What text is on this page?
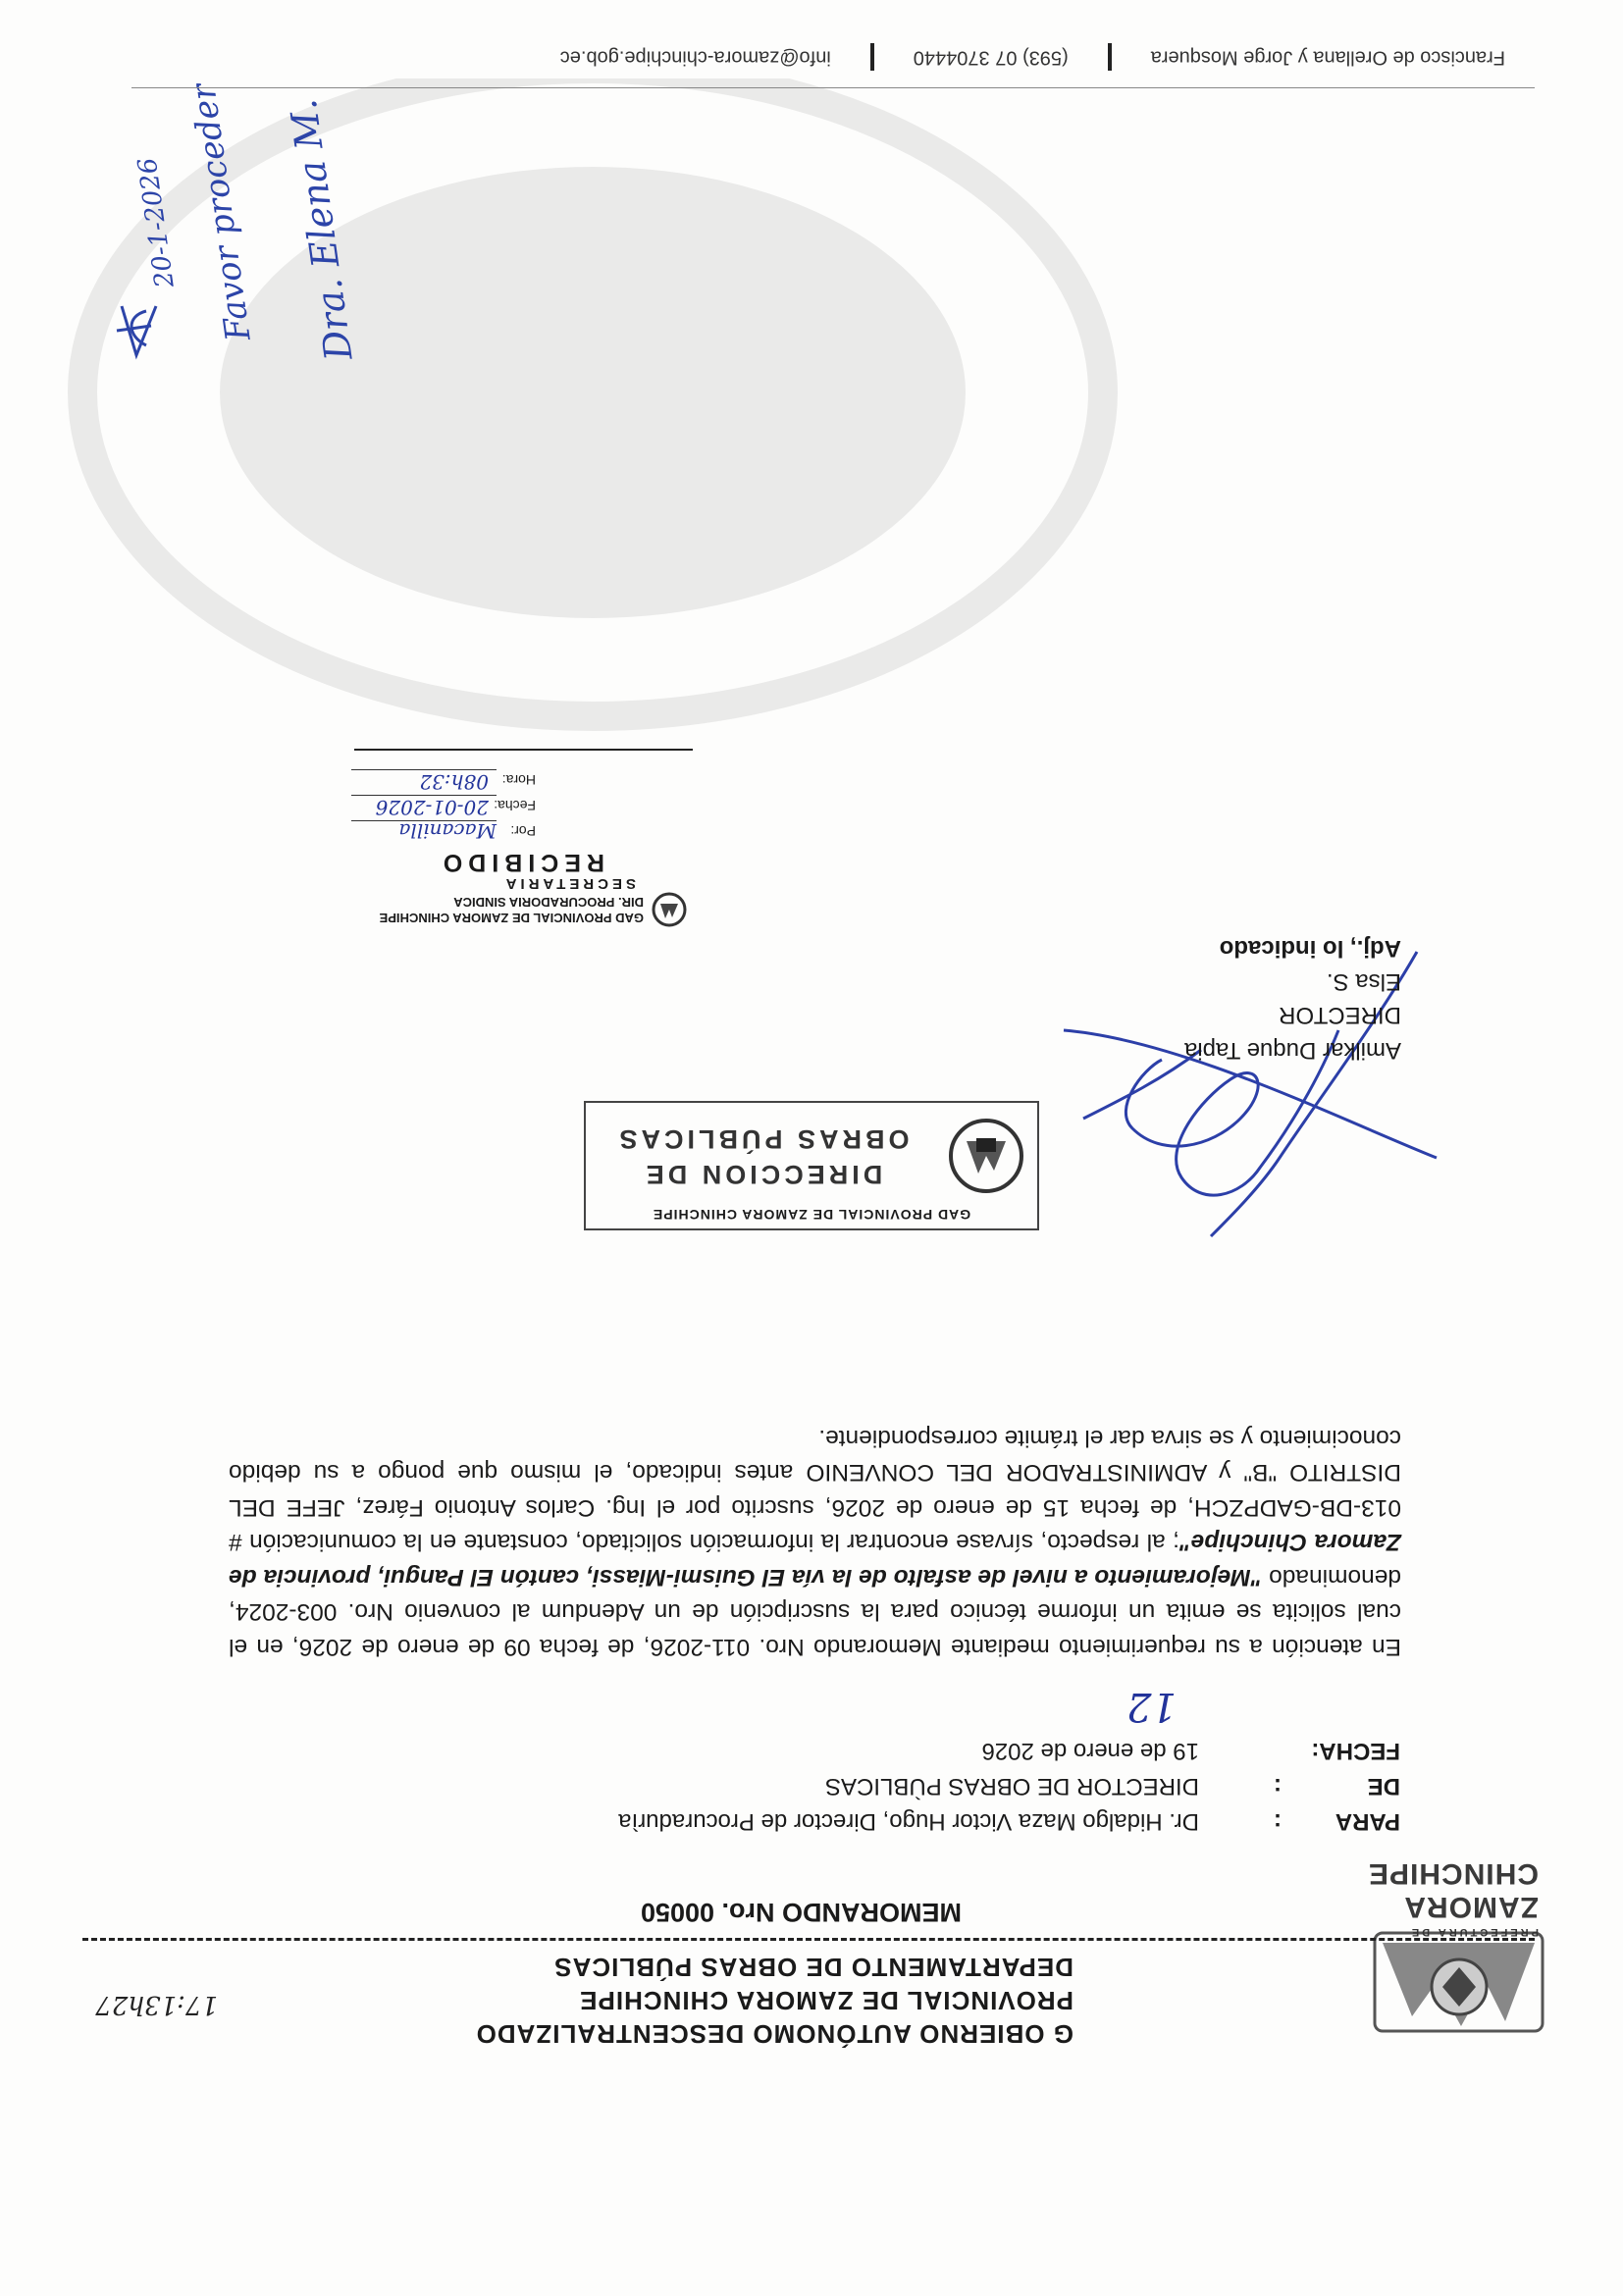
PREFECTURA DE
ZAMORA
CHINCHIPE
G OBIERNO AUTÓNOMO DESCENTRALIZADO
PROVINCIAL DE ZAMORA CHINCHIPE
DEPARTAMENTO DE OBRAS PÚBLICAS
17:13h27
MEMORANDO Nro. 00050
PARA
:
Dr. Hidalgo Maza Victor Hugo, Director de Procuradurìa
DE
:
DIRECTOR DE OBRAS PÙBLICAS
FECHA:
19 de enero de 2026
12
En atención a su requerimiento mediante Memorando Nro. 011-2026, de fecha 09 de enero de 2026, en el cual solicita se emita un informe técnico para la suscripción de un Adendum al convenio Nro. 003-2024, denominado "Mejoramiento a nivel de asfalto de la vía El Guismi-Miassi, cantón El Pangui, provincia de Zamora Chinchipe"; al respecto, sírvase encontrar la información solicitado, constante en la comunicación # 013-DB-GADPZCH, de fecha 15 de enero de 2026, suscrito por el Ing. Carlos Antonio Fárez, JEFE DEL DISTRITO "B" y ADMINISTRADOR DEL CONVENIO antes indicado, el mismo que pongo a su debido conocimiento y se sirva dar el trámite correspondiente.
GAD PROVINCIAL DE ZAMORA CHINCHIPE
DIRECCION DE
OBRAS PÚBLICAS
Amilkar Duque Tapia
DIRECTOR
Elsa S.
Adj., lo indicado
GAD PROVINCIAL DE ZAMORA CHINCHIPE
DIR. PROCURADORIA SINDICA
SECRETARIA
RECIBIDO
Por:
Fecha:
Hora:
Macanilla
20-01-2026
08h:32
Dra. Elena M.
Favor proceder
20-1-2026
Francisco de Orellana y Jorge Mosquera(593) 07 3704440info@zamora-chinchipe.gob.ec
